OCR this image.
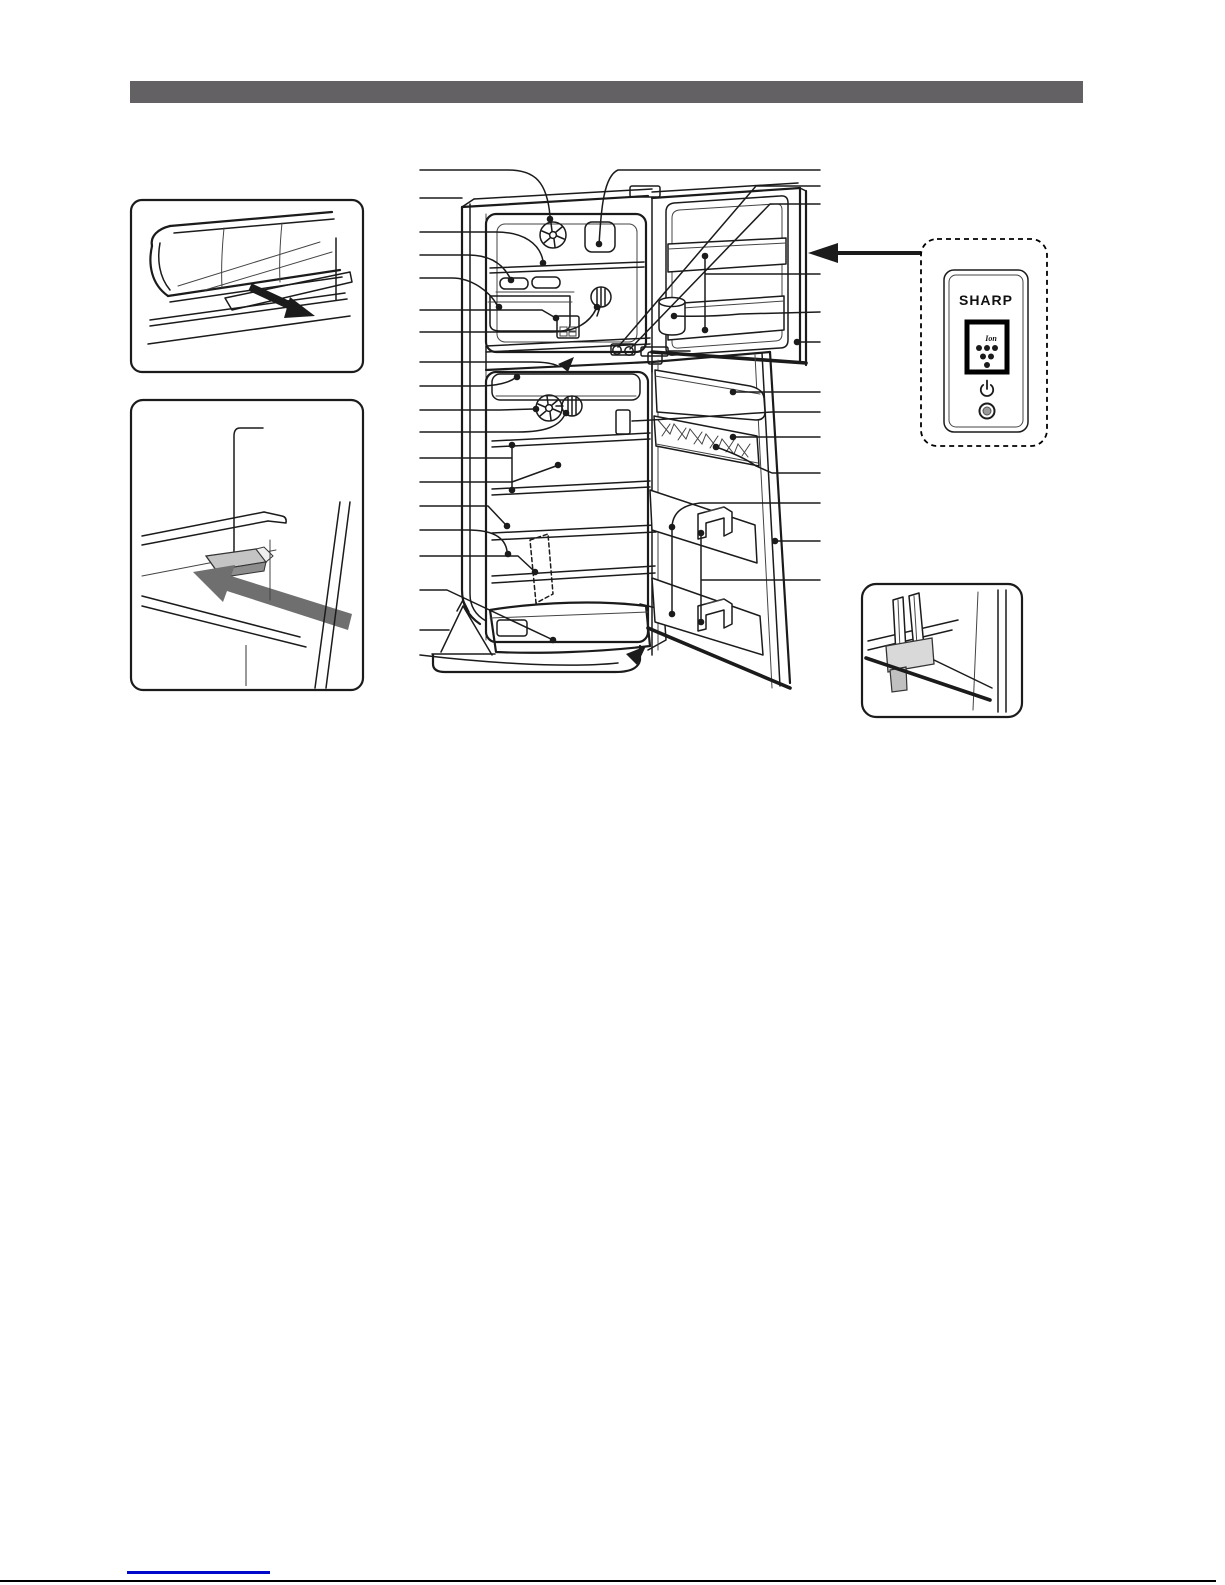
SHARP
Ion
